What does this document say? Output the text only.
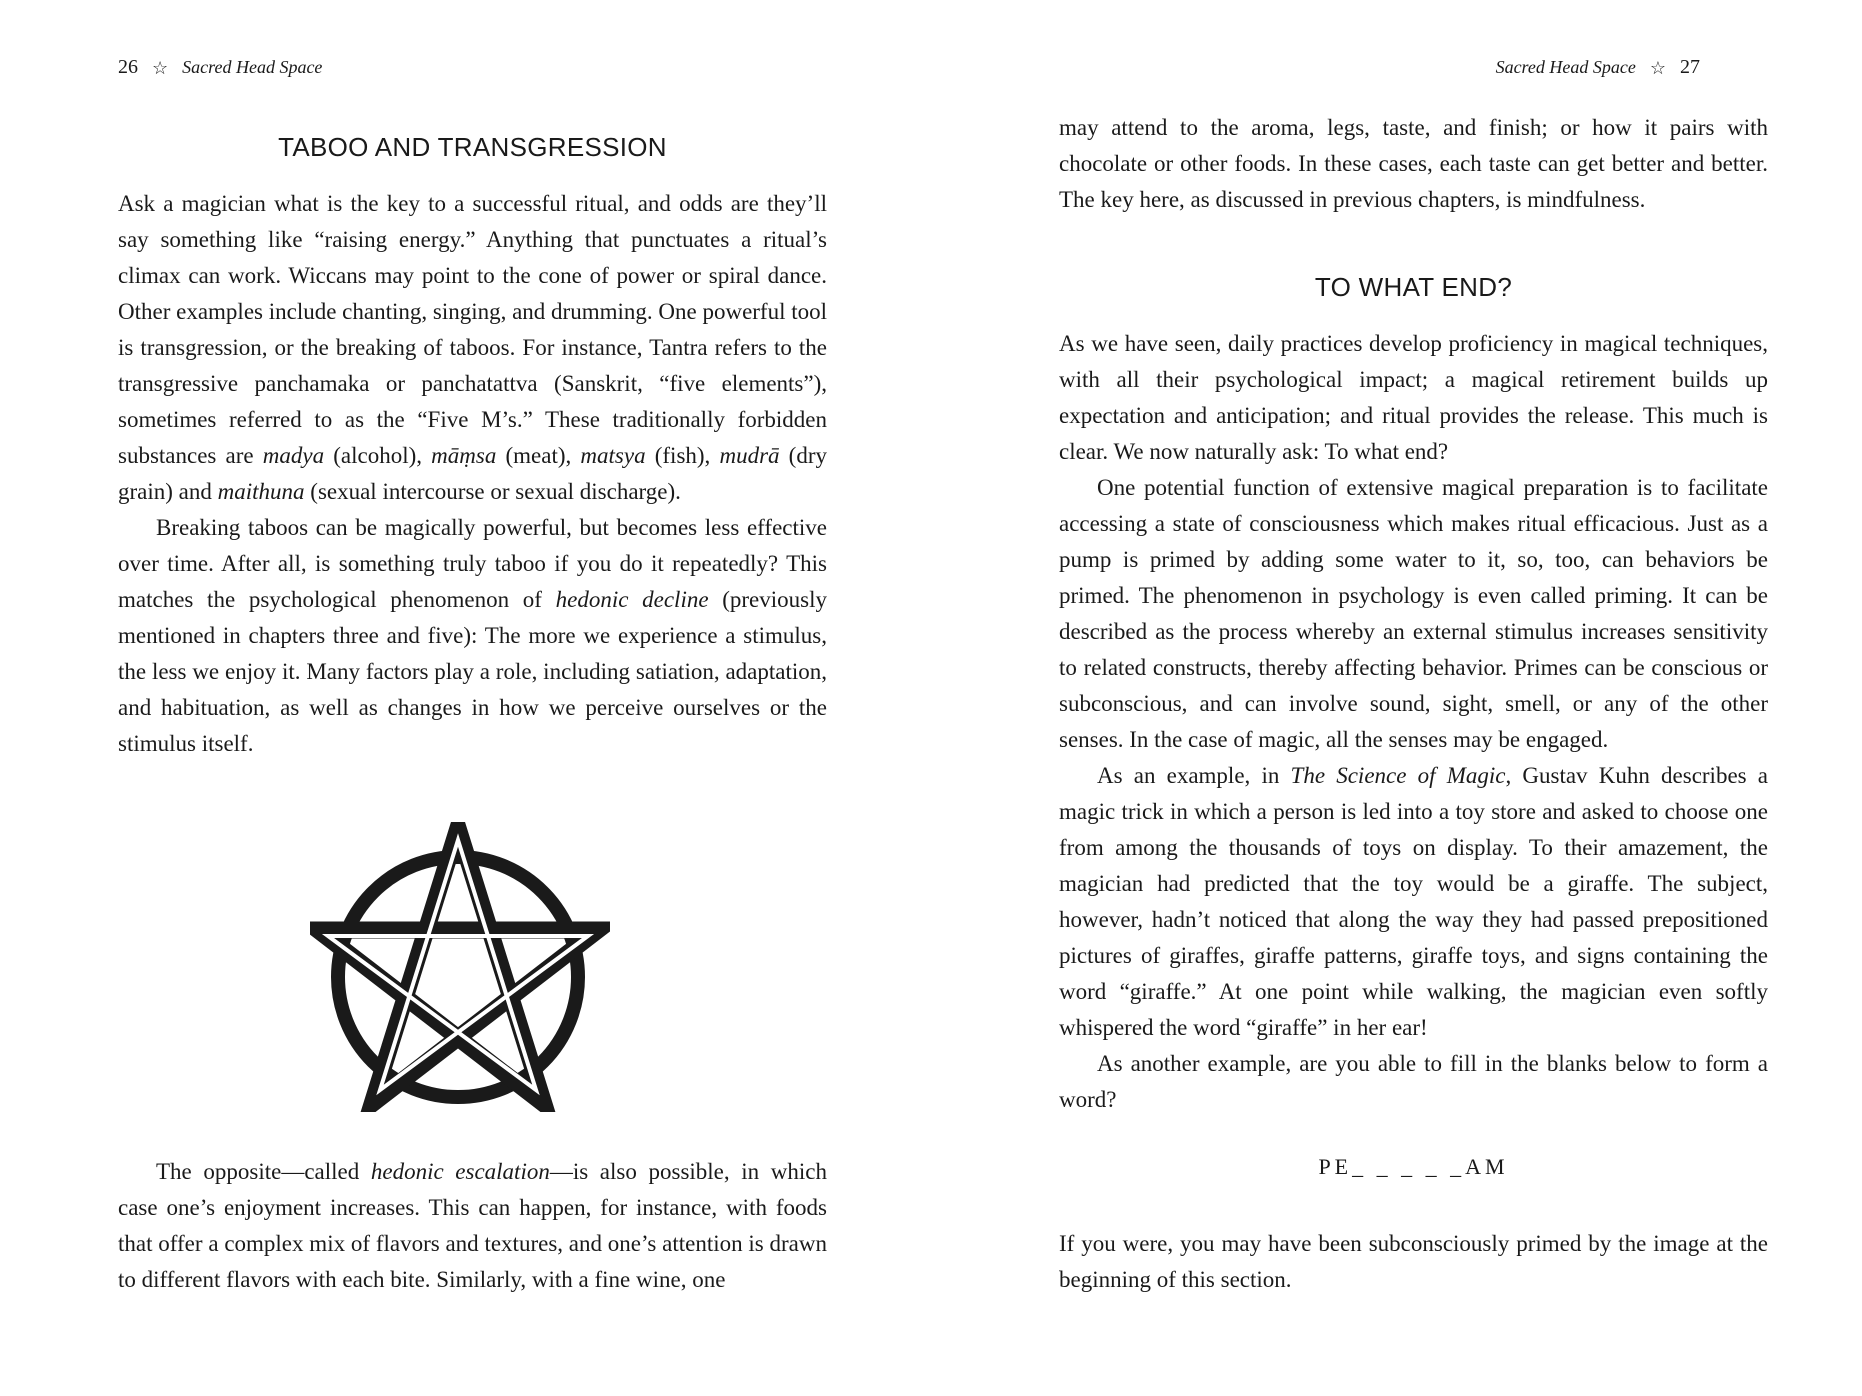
26 ☆ Sacred Head Space
TABOO AND TRANSGRESSION

Ask a magician what is the key to a successful ritual, and odds are they’ll say something like “raising energy.” Anything that punctuates a ritual’s climax can work. Wiccans may point to the cone of power or spiral dance. Other examples include chanting, singing, and drumming. One powerful tool is transgression, or the breaking of taboos. For instance, Tantra refers to the transgressive panchamaka or panchatattva (Sanskrit, “five elements”), sometimes referred to as the “Five M’s.” These traditionally forbidden substances are madya (alcohol), māṃsa (meat), matsya (fish), mudrā (dry grain) and maithuna (sexual intercourse or sexual discharge).

Breaking taboos can be magically powerful, but becomes less effective over time. After all, is something truly taboo if you do it repeatedly? This matches the psychological phenomenon of hedonic decline (previously mentioned in chapters three and five): The more we experience a stimulus, the less we enjoy it. Many factors play a role, including satiation, adaptation, and habituation, as well as changes in how we perceive ourselves or the stimulus itself.

The opposite—called hedonic escalation—is also possible, in which case one’s enjoyment increases. This can happen, for instance, with foods that offer a complex mix of flavors and textures, and one’s attention is drawn to different flavors with each bite. Similarly, with a fine wine, one

Sacred Head Space ☆ 27

may attend to the aroma, legs, taste, and finish; or how it pairs with chocolate or other foods. In these cases, each taste can get better and better. The key here, as discussed in previous chapters, is mindfulness.

TO WHAT END?

As we have seen, daily practices develop proficiency in magical techniques, with all their psychological impact; a magical retirement builds up expectation and anticipation; and ritual provides the release. This much is clear. We now naturally ask: To what end?

One potential function of extensive magical preparation is to facilitate accessing a state of consciousness which makes ritual efficacious. Just as a pump is primed by adding some water to it, so, too, can behaviors be primed. The phenomenon in psychology is even called priming. It can be described as the process whereby an external stimulus increases sensitivity to related constructs, thereby affecting behavior. Primes can be conscious or subconscious, and can involve sound, sight, smell, or any of the other senses. In the case of magic, all the senses may be engaged.

As an example, in The Science of Magic, Gustav Kuhn describes a magic trick in which a person is led into a toy store and asked to choose one from among the thousands of toys on display. To their amazement, the magician had predicted that the toy would be a giraffe. The subject, however, hadn’t noticed that along the way they had passed prepositioned pictures of giraffes, giraffe patterns, giraffe toys, and signs containing the word “giraffe.” At one point while walking, the magician even softly whispered the word “giraffe” in her ear!

As another example, are you able to fill in the blanks below to form a word?

PE_ _ _ _ _AM

If you were, you may have been subconsciously primed by the image at the beginning of this section.
